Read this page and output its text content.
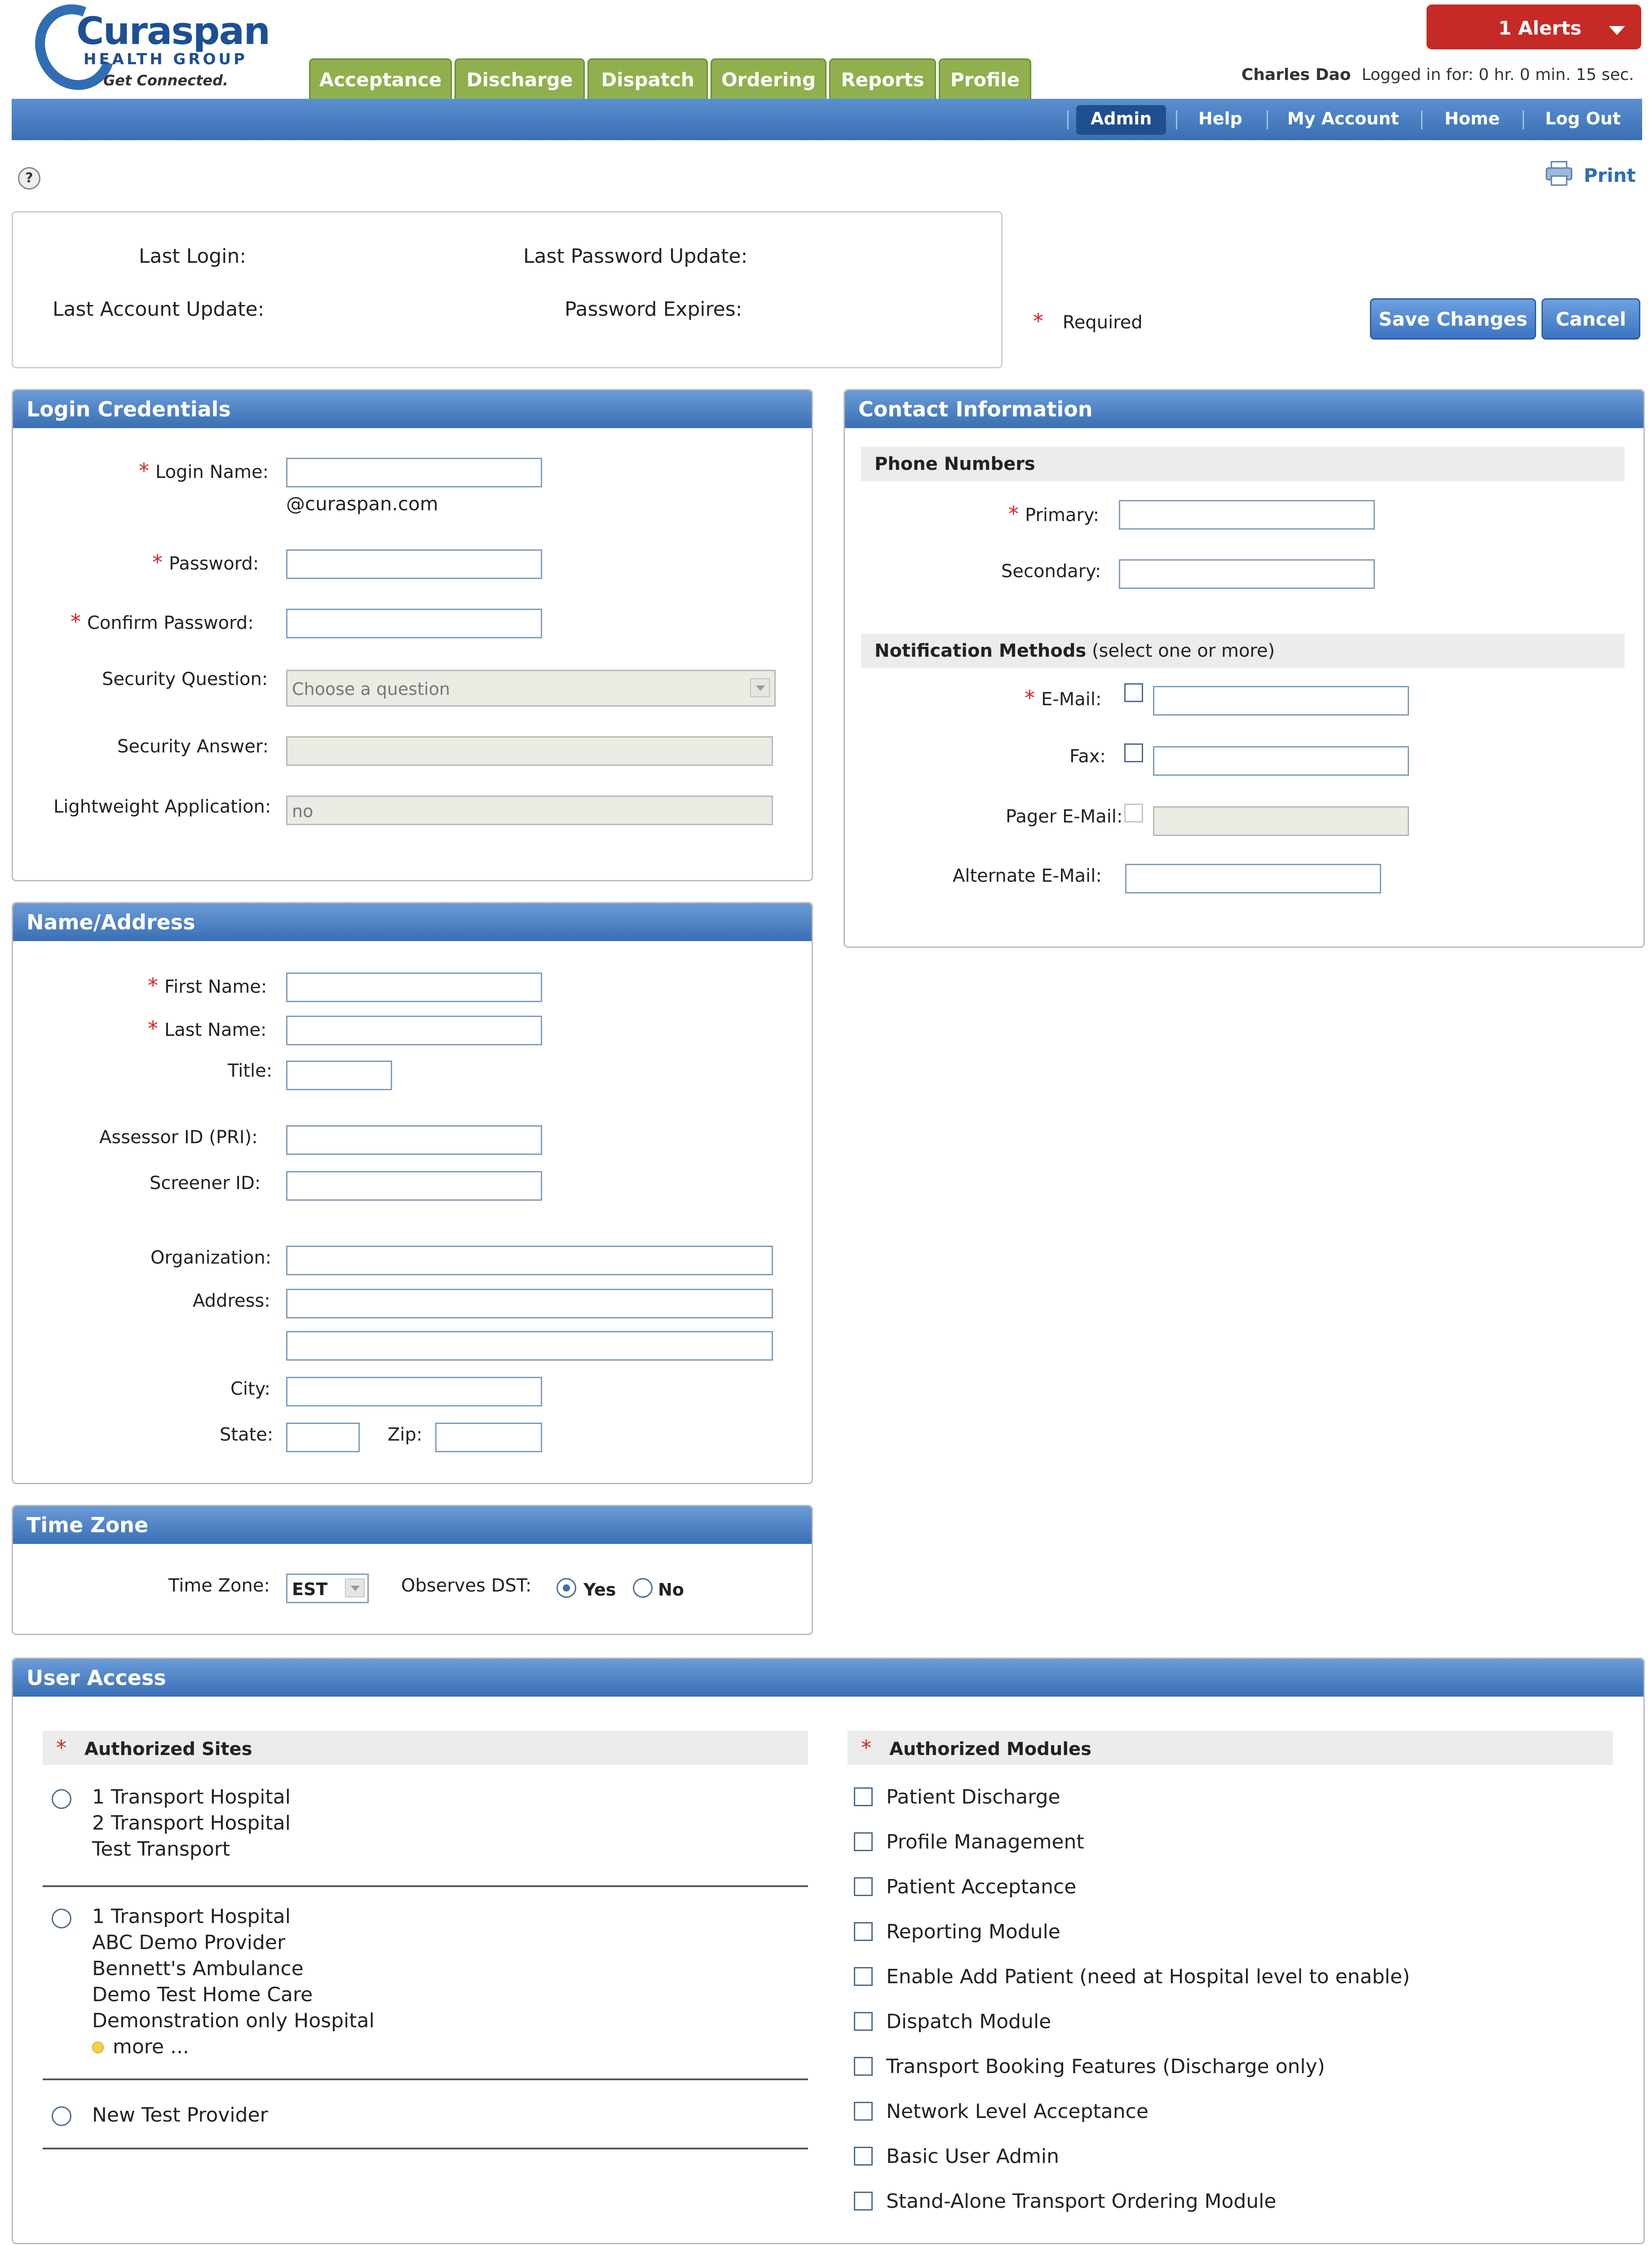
Curaspan
HEALTH GROUP
Get Connected.	Acceptance	Discharge	Dispatch	Ordering	Reports	Profile
1 Alerts
Charles Dao Logged in for: 0 hr. 0 min. 15 sec.
Admin	Help	My Account	Home	Log Out
?	Print
Last Login:	Last Password Update:
Last Account Update:	Password Expires:	* Required	Save Changes	Cancel
Login Credentials
* Login Name:
@curaspan.com
* Password:
* Confirm Password:
Security Question: Choose a question
Security Answer:
Lightweight Application: no
Contact Information
Phone Numbers
* Primary:
Secondary:
Notification Methods (select one or more)
* E-Mail:
Fax:
Pager E-Mail:
Alternate E-Mail:
Name/Address
* First Name:
* Last Name:
Title:
Assessor ID (PRI):
Screener ID:
Organization:
Address:
City:
State:	Zip:
Time Zone
Time Zone: EST	Observes DST:	Yes No
User Access
* Authorized Sites
1 Transport Hospital
2 Transport Hospital
Test Transport
1 Transport Hospital
ABC Demo Provider
Bennett's Ambulance
Demo Test Home Care
Demonstration only Hospital
more ...
New Test Provider
* Authorized Modules
Patient Discharge
Profile Management
Patient Acceptance
Reporting Module
Enable Add Patient (need at Hospital level to enable)
Dispatch Module
Transport Booking Features (Discharge only)
Network Level Acceptance
Basic User Admin
Stand-Alone Transport Ordering Module
